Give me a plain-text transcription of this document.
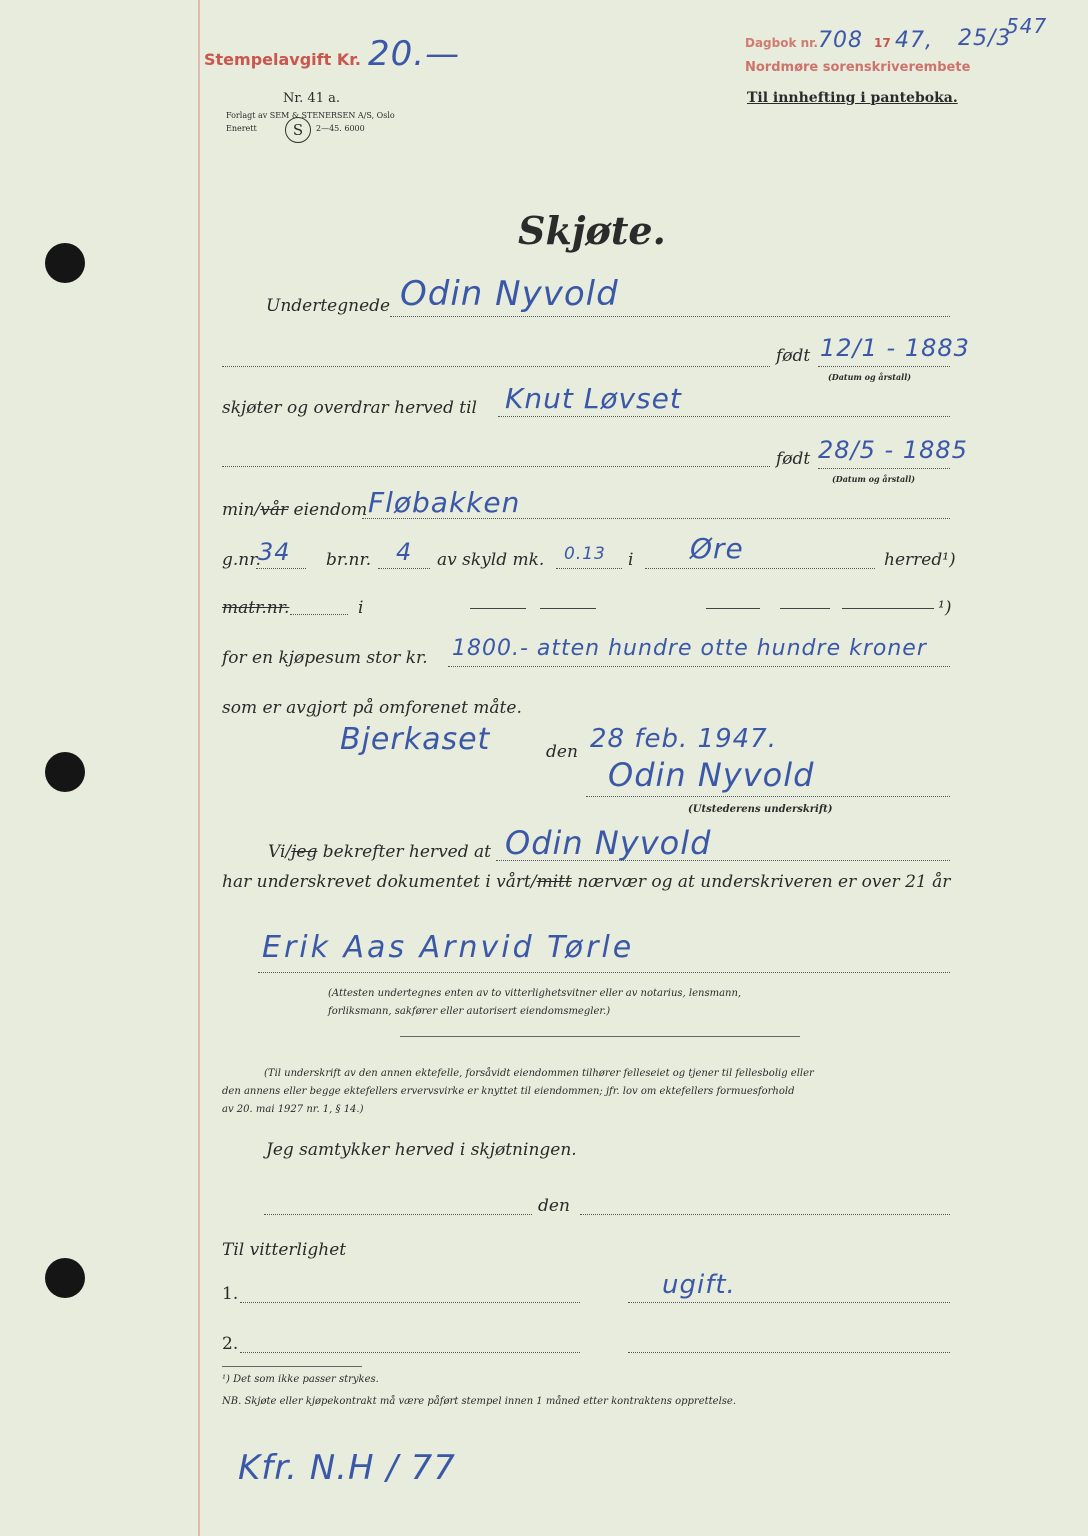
Stempelavgift Kr. 20.—	Dagbok nr. 708 17 47, 25/3
547
Nordmøre sorenskriverembete
Nr. 41 a.
Forlagt av SEM & STENERSEN A/S, Oslo
Enerett	S	2—45. 6000
Til innhefting i panteboka.
Skjøte.
Undertegnede Odin Nyvold
født 12/1 - 1883
(Datum og årstall)
skjøter og overdrar herved til Knut Løvset
født 28/5 - 1885
(Datum og årstall)
min/vår eiendom Fløbakken
g.nr.
34 br.nr. 4 av skyld mk. 0.13 i Øre	herred¹)
matr.nr.	i	¹)
for en kjøpesum stor kr. 1800.- atten hundre otte hundre kroner
som er avgjort på omforenet måte.
Bjerkaset	den 28 feb. 1947.
Odin Nyvold
(Utstederens underskrift)
Vi/jeg bekrefter herved at Odin Nyvold
har underskrevet dokumentet i vårt/mitt nærvær og at underskriveren er over 21 år
Erik Aas Arnvid Tørle
(Attesten undertegnes enten av to vitterlighetsvitner eller av notarius, lensmann,
forliksmann, sakfører eller autorisert eiendomsmegler.)
(Til underskrift av den annen ektefelle, forsåvidt eiendommen tilhører felleseiet og tjener til fellesbolig eller
den annens eller begge ektefellers ervervsvirke er knyttet til eiendommen; jfr. lov om ektefellers formuesforhold
av 20. mai 1927 nr. 1, § 14.)
Jeg samtykker herved i skjøtningen.
den
Til vitterlighet
1.	ugift.
2.
¹) Det som ikke passer strykes.
NB. Skjøte eller kjøpekontrakt må være påført stempel innen 1 måned etter kontraktens opprettelse.
Kfr. N.H / 77
